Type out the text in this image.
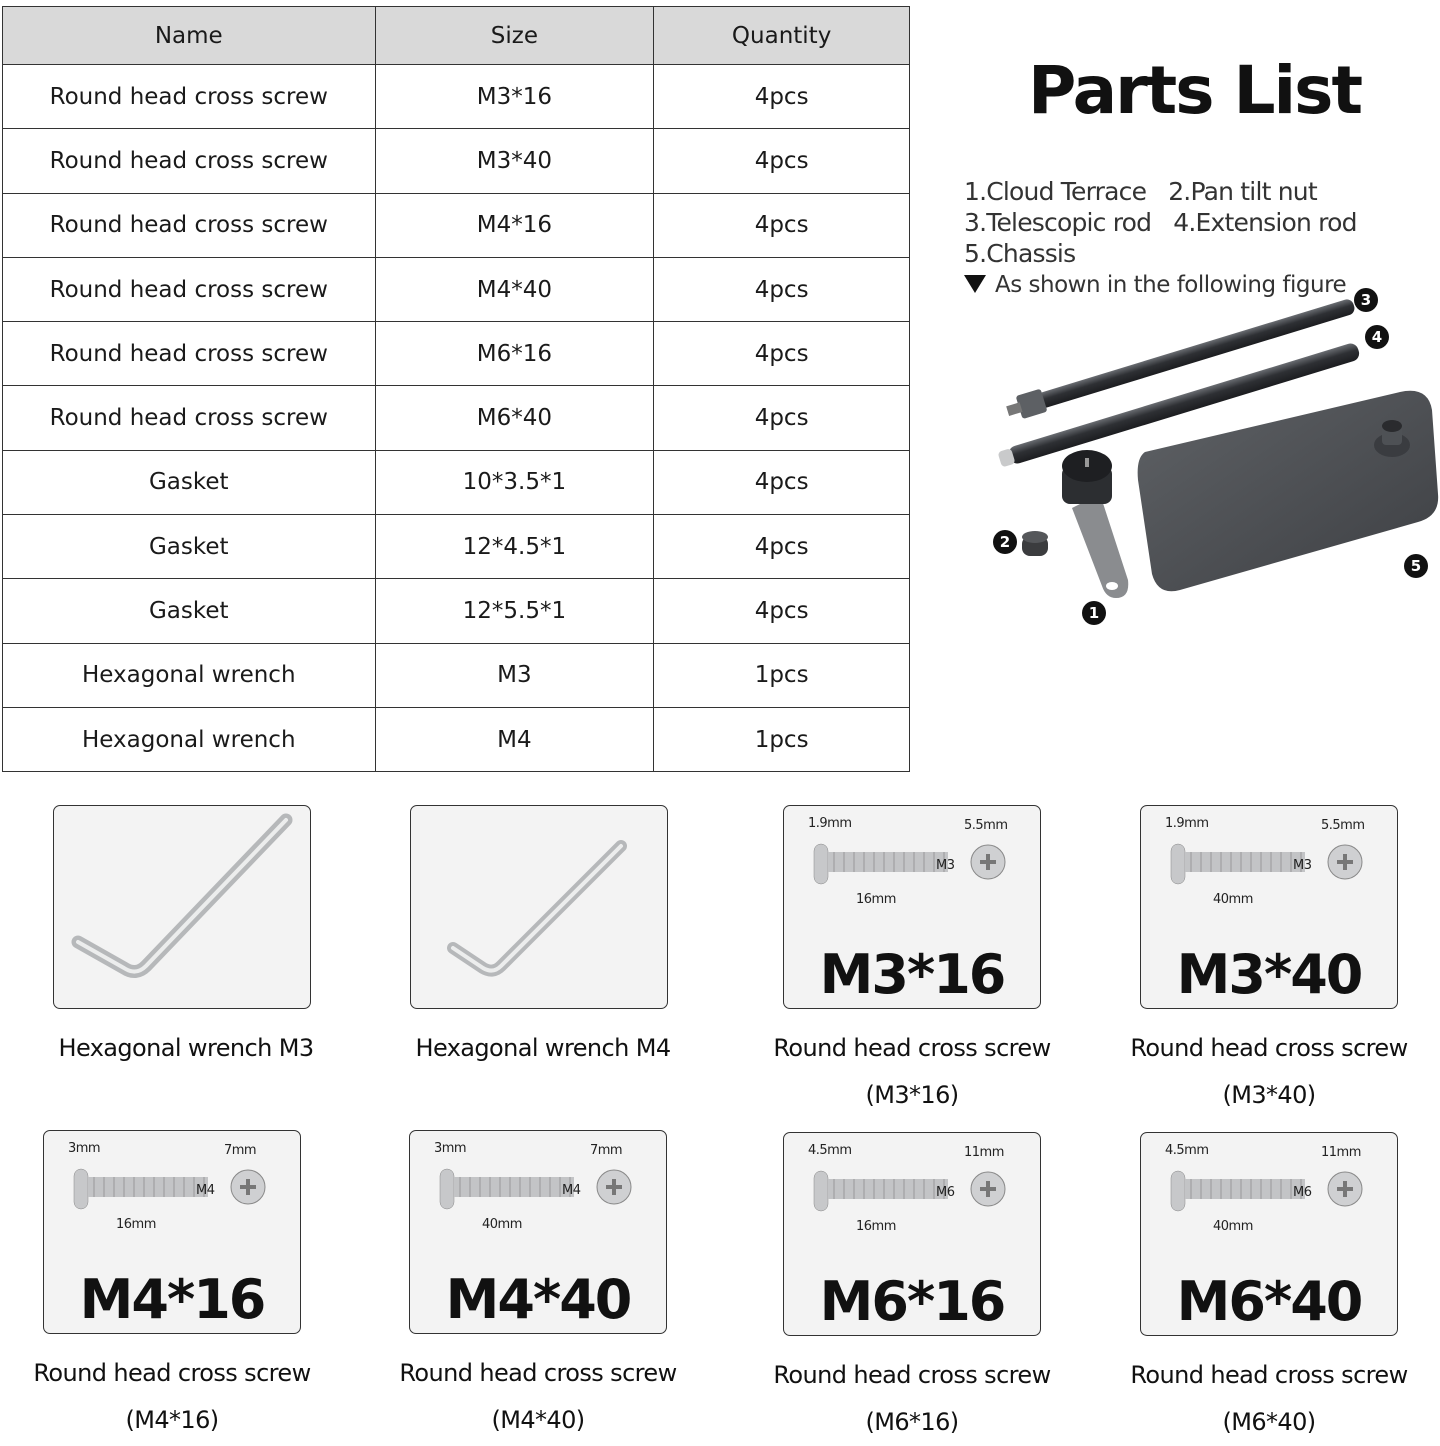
Name	Size	Quantity
Round head cross screw	M3*16	4pcs
Round head cross screw	M3*40	4pcs
Round head cross screw	M4*16	4pcs
Round head cross screw	M4*40	4pcs
Round head cross screw	M6*16	4pcs
Round head cross screw	M6*40	4pcs
Gasket	10*3.5*1	4pcs
Gasket	12*4.5*1	4pcs
Gasket	12*5.5*1	4pcs
Hexagonal wrench	M3	1pcs
Hexagonal wrench	M4	1pcs
Parts List
1.Cloud Terrace 2.Pan tilt nut
3.Telescopic rod 4.Extension rod
5.Chassis
As shown in the following figure
1
2
3
4
5
Hexagonal wrench M3	Hexagonal wrench M4
1.9mm	5.5mm
M3
16mm
M3*16
Round head cross screw
(M3*16)
1.9mm	5.5mm
M3
40mm
M3*40
Round head cross screw
(M3*40)
3mm	7mm
M4
16mm
M4*16
Round head cross screw
(M4*16)
3mm	7mm
M4
40mm
M4*40
Round head cross screw
(M4*40)
4.5mm	11mm
M6
16mm
M6*16
Round head cross screw
(M6*16)
4.5mm	11mm
M6
40mm
M6*40
Round head cross screw
(M6*40)
